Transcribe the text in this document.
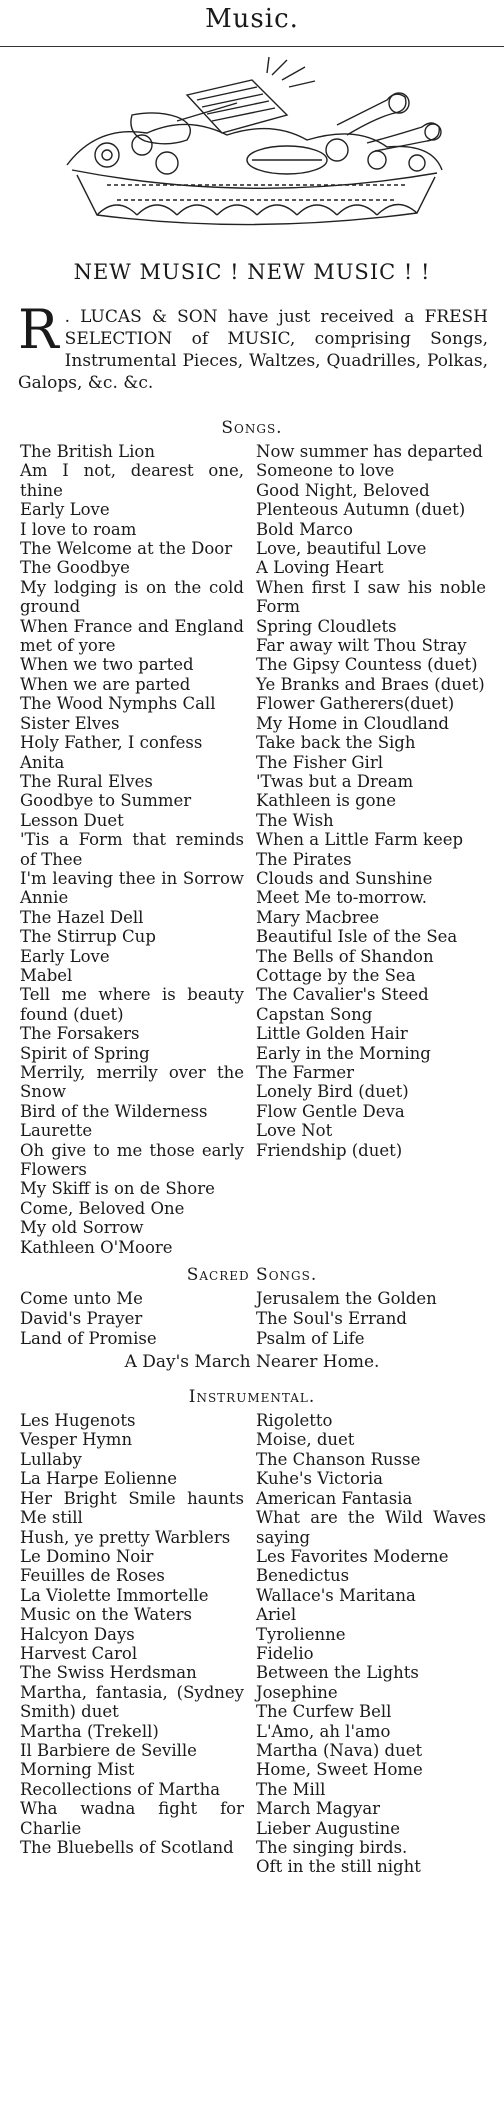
Music.
NEW MUSIC ! NEW MUSIC ! !

R . LUCAS & SON have just received a FRESH SELECTION of MUSIC, comprising Songs, Instrumental Pieces, Waltzes, Quadrilles, Polkas, Galops, &c. &c.

Songs.
The British Lion
Am I not, dearest one, thine
Early Love
I love to roam
The Welcome at the Door
The Goodbye
My lodging is on the cold ground
When France and England met of yore
When we two parted
When we are parted
The Wood Nymphs Call
Sister Elves
Holy Father, I confess
Anita
The Rural Elves
Goodbye to Summer
Lesson Duet
'Tis a Form that reminds of Thee
I'm leaving thee in Sorrow Annie
The Hazel Dell
The Stirrup Cup
Early Love
Mabel
Tell me where is beauty found (duet)
The Forsakers
Spirit of Spring
Merrily, merrily over the Snow
Bird of the Wilderness
Laurette
Oh give to me those early Flowers
My Skiff is on de Shore
Come, Beloved One
My old Sorrow
Kathleen O'Moore
Now summer has departed
Someone to love
Good Night, Beloved
Plenteous Autumn (duet)
Bold Marco
Love, beautiful Love
A Loving Heart
When first I saw his noble Form
Spring Cloudlets
Far away wilt Thou Stray
The Gipsy Countess (duet)
Ye Branks and Braes (duet)
Flower Gatherers(duet)
My Home in Cloudland
Take back the Sigh
The Fisher Girl
'Twas but a Dream
Kathleen is gone
The Wish
When a Little Farm keep
The Pirates
Clouds and Sunshine
Meet Me to-morrow.
Mary Macbree
Beautiful Isle of the Sea
The Bells of Shandon
Cottage by the Sea
The Cavalier's Steed
Capstan Song
Little Golden Hair
Early in the Morning
The Farmer
Lonely Bird (duet)
Flow Gentle Deva
Love Not
Friendship (duet)
Sacred Songs.
Come unto Me
David's Prayer
Land of Promise
Jerusalem the Golden
The Soul's Errand
Psalm of Life
A Day's March Nearer Home.
Instrumental.
Les Hugenots
Vesper Hymn
Lullaby
La Harpe Eolienne
Her Bright Smile haunts Me still
Hush, ye pretty Warblers
Le Domino Noir
Feuilles de Roses
La Violette Immortelle
Music on the Waters
Halcyon Days
Harvest Carol
The Swiss Herdsman
Martha, fantasia, (Sydney Smith) duet
Martha (Trekell)
Il Barbiere de Seville
Morning Mist
Recollections of Martha
Wha wadna fight for Charlie
The Bluebells of Scotland
Rigoletto
Moise, duet
The Chanson Russe
Kuhe's Victoria
American Fantasia
What are the Wild Waves saying
Les Favorites Moderne
Benedictus
Wallace's Maritana
Ariel
Tyrolienne
Fidelio
Between the Lights
Josephine
The Curfew Bell
L'Amo, ah l'amo
Martha (Nava) duet
Home, Sweet Home
The Mill
March Magyar
Lieber Augustine
The singing birds.
Oft in the still night
